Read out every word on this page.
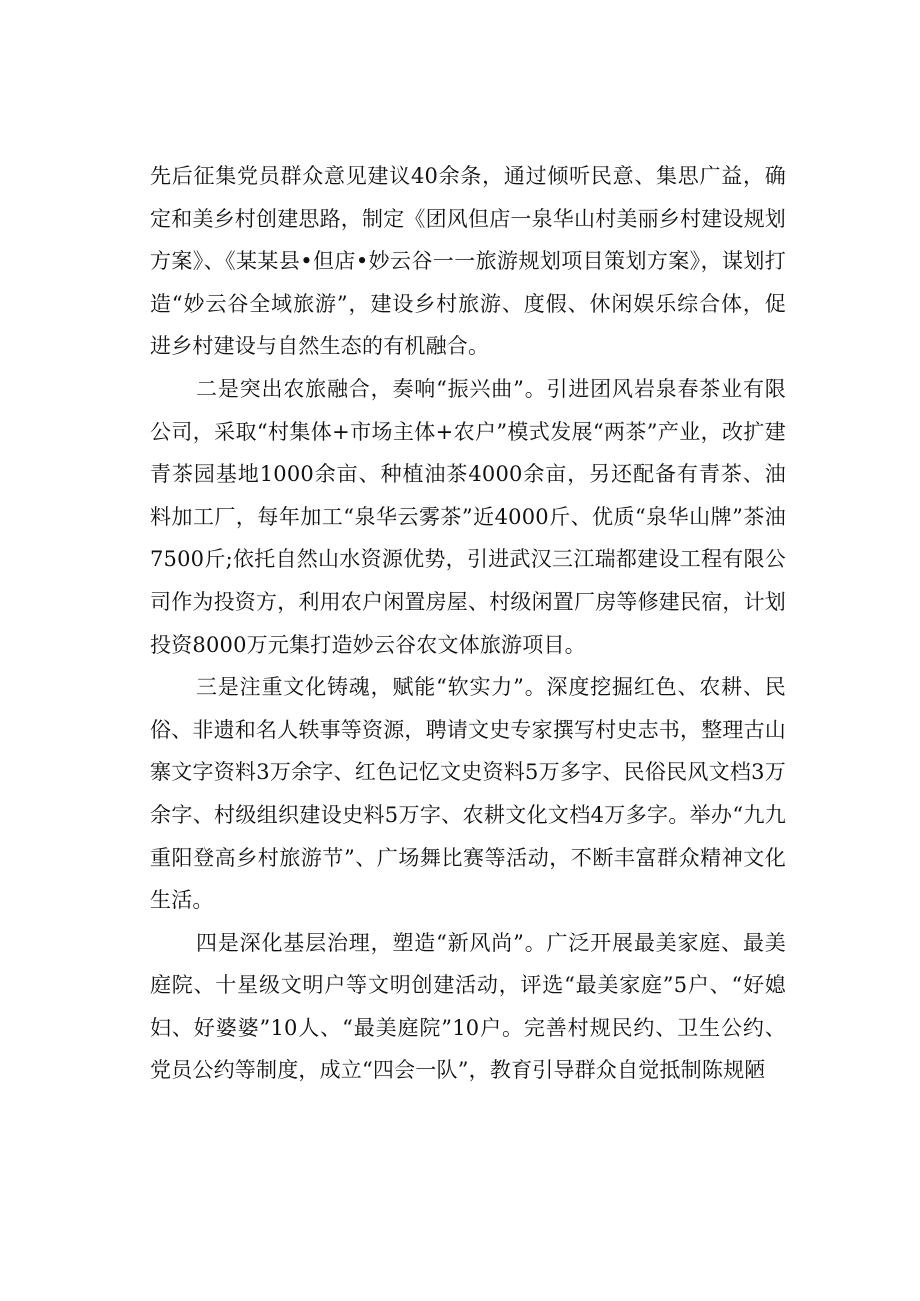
先后征集党员群众意见建议40余条，通过倾听民意、集思广益，确定和美乡村创建思路，制定《团风但店一泉华山村美丽乡村建设规划方案》、《某某县•但店•妙云谷一一旅游规划项目策划方案》，谋划打造“妙云谷全域旅游”，建设乡村旅游、度假、休闲娱乐综合体，促进乡村建设与自然生态的有机融合。

二是突出农旅融合，奏响“振兴曲”。引进团风岩泉春茶业有限公司，采取“村集体+市场主体+农户”模式发展“两茶”产业，改扩建青茶园基地1000余亩、种植油茶4000余亩，另还配备有青茶、油料加工厂，每年加工“泉华云雾茶”近4000斤、优质“泉华山牌”茶油7500斤;依托自然山水资源优势，引进武汉三江瑞都建设工程有限公司作为投资方，利用农户闲置房屋、村级闲置厂房等修建民宿，计划投资8000万元集打造妙云谷农文体旅游项目。

三是注重文化铸魂，赋能“软实力”。深度挖掘红色、农耕、民俗、非遗和名人轶事等资源，聘请文史专家撰写村史志书，整理古山寨文字资料3万余字、红色记忆文史资料5万多字、民俗民风文档3万余字、村级组织建设史料5万字、农耕文化文档4万多字。举办“九九重阳登高乡村旅游节”、广场舞比赛等活动，不断丰富群众精神文化生活。

四是深化基层治理，塑造“新风尚”。广泛开展最美家庭、最美庭院、十星级文明户等文明创建活动，评选“最美家庭”5户、“好媳妇、好婆婆”10人、“最美庭院”10户。完善村规民约、卫生公约、党员公约等制度，成立“四会一队”，教育引导群众自觉抵制陈规陋
